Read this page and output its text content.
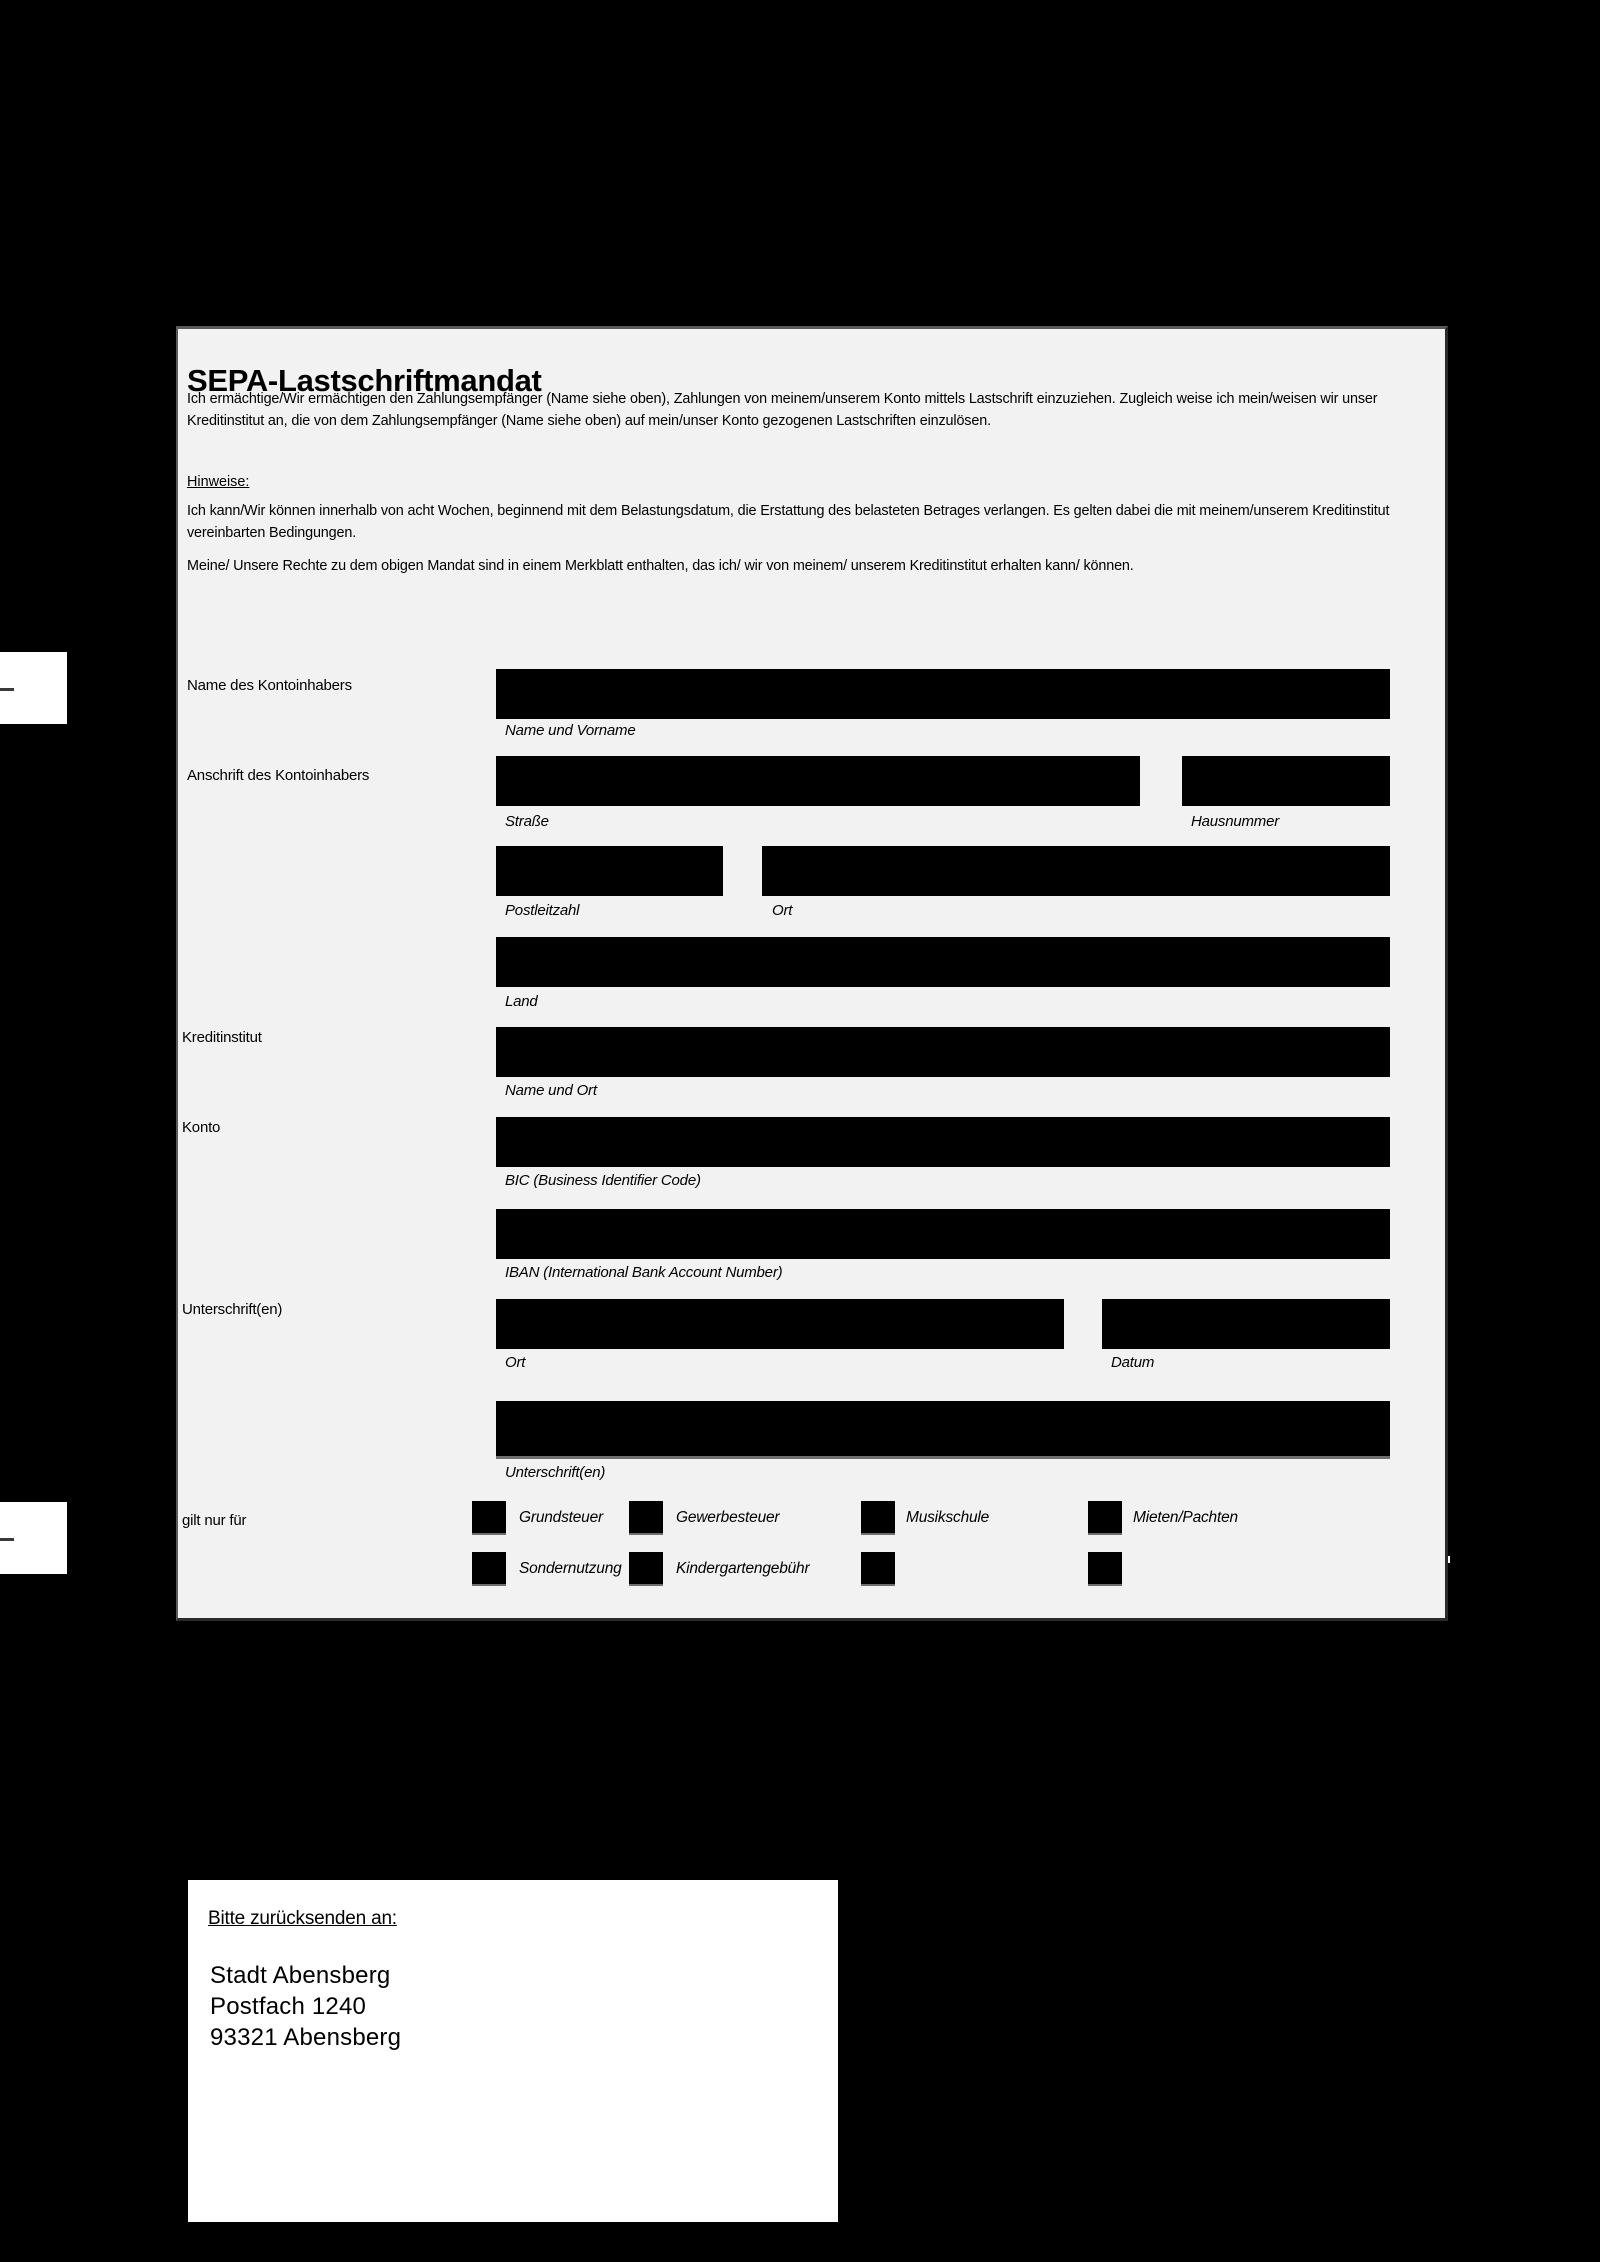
SEPA-Lastschriftmandat

Ich ermächtige/Wir ermächtigen den Zahlungsempfänger (Name siehe oben), Zahlungen von meinem/unserem Konto mittels Lastschrift einzuziehen. Zugleich weise ich mein/weisen wir unser Kreditinstitut an, die von dem Zahlungsempfänger (Name siehe oben) auf mein/unser Konto gezogenen Lastschriften einzulösen.

Hinweise:

Ich kann/Wir können innerhalb von acht Wochen, beginnend mit dem Belastungsdatum, die Erstattung des belasteten Betrages verlangen. Es gelten dabei die mit meinem/unserem Kreditinstitut vereinbarten Bedingungen.

Meine/ Unsere Rechte zu dem obigen Mandat sind in einem Merkblatt enthalten, das ich/ wir von meinem/ unserem Kreditinstitut erhalten kann/ können.

Name des Kontoinhabers
Name und Vorname
Anschrift des Kontoinhabers
Straße	Hausnummer
Postleitzahl	Ort
Land
Kreditinstitut
Name und Ort
Konto
BIC (Business Identifier Code)
IBAN (International Bank Account Number)
Unterschrift(en)
Ort	Datum
Unterschrift(en)
gilt nur für	Grundsteuer	Gewerbesteuer	Musikschule	Mieten/Pachten
Sondernutzung	Kindergartengebühr
Bitte zurücksenden an:
Stadt Abensberg
Postfach 1240
93321 Abensberg
